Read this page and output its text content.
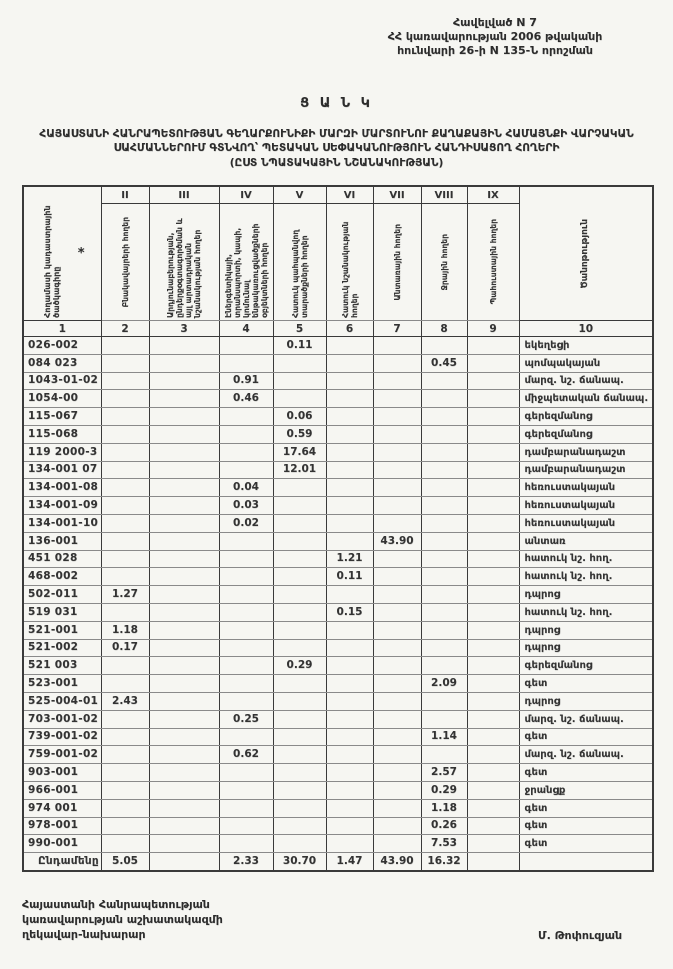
Հավելված N 7
ՀՀ կառավարության 2006 թվականի
հունվարի 26-ի N 135-Ն որոշման
Ց Ա Ն Կ
ՀԱՅԱՍՏԱՆԻ ՀԱՆՐԱՊԵՏՈՒԹՅԱՆ ԳԵՂԱՐՔՈՒՆԻՔԻ ՄԱՐԶԻ ՄԱՐՏՈՒՆՈՒ ՔԱՂԱՔԱՅԻՆ ՀԱՄԱՅՆՔԻ ՎԱՐՉԱԿԱՆ ՍԱՀՄԱՆՆԵՐՈՒՄ ԳՏՆՎՈՂ՝ ՊԵՏԱԿԱՆ ՍԵՓԱԿԱՆՈՒԹՅՈՒՆ ՀԱՆԴԻՍԱՑՈՂ ՀՈՂԵՐԻ
(ԸՍՏ ՆՊԱՏԱԿԱՅԻՆ ՆՇԱՆԱԿՈՒԹՅԱՆ)
Հողամասի կադաստրային ծածկագիրը
*	II	III	IV	V	VI	VII	VIII	IX	Ծանոթություն

	Բնակավայրերի հողեր	Արդյունաբերության, ընդերքօգտագործման և այլ արտադրական նշանակության հողեր	Էներգետիկայի, տրանսպորտի, կապի, կոմունալ ենթակառուցվածքների օբյեկտների հողեր	Հատուկ պահպանվող տարածքների հողեր	Հատուկ նշանակության հողեր	Անտառային հողեր	Ջրային հողեր	Պահուստային հողեր	

1	2	3	4	5	6	7	8	9	10
026-002				0.11					եկեղեցի
084 023							0.45		պոմպակայան
1043-01-02			0.91						մարզ. նշ. ճանապ.
1054-00			0.46						միջպետական ճանապ.
115-067				0.06					գերեզմանոց
115-068				0.59					գերեզմանոց
119 2000-3				17.64					դամբարանադաշտ
134-001 07				12.01					դամբարանադաշտ
134-001-08			0.04						հեռուստակայան
134-001-09			0.03						հեռուստակայան
134-001-10			0.02						հեռուստակայան
136-001						43.90			անտառ
451 028					1.21				հատուկ նշ. հող.
468-002					0.11				հատուկ նշ. հող.
502-011	1.27								դպրոց
519 031					0.15				հատուկ նշ. հող.
521-001	1.18								դպրոց
521-002	0.17								դպրոց
521 003				0.29					գերեզմանոց
523-001							2.09		գետ
525-004-01	2.43								դպրոց
703-001-02			0.25						մարզ. նշ. ճանապ.
739-001-02							1.14		գետ
759-001-02			0.62						մարզ. նշ. ճանապ.
903-001							2.57		գետ
966-001							0.29		ջրանցք
974 001							1.18		գետ
978-001							0.26		գետ
990-001							7.53		գետ
Ընդամենը	5.05		2.33	30.70	1.47	43.90	16.32		
Հայաստանի Հանրապետության
կառավարության աշխատակազմի
ղեկավար-նախարար	Մ. Թոփուզյան
